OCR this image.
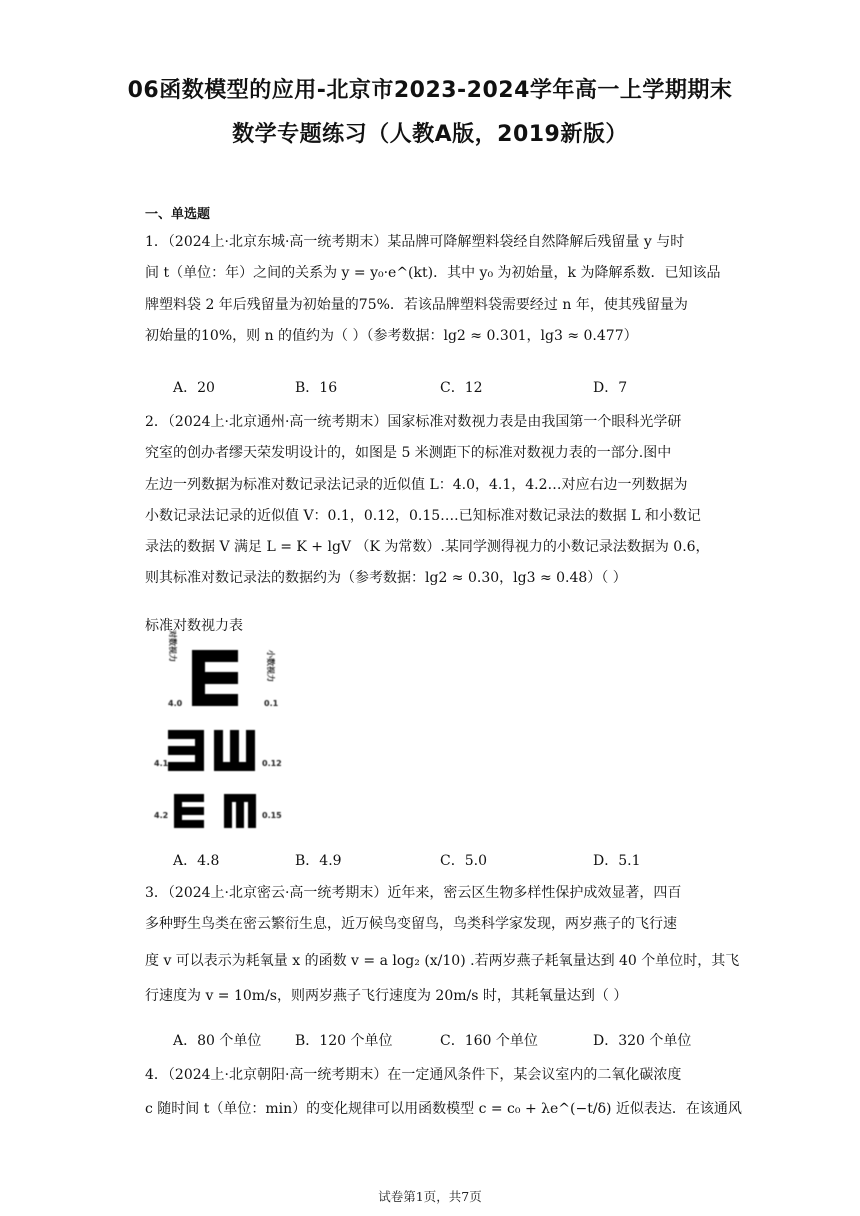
06函数模型的应用-北京市2023-2024学年高一上学期期末
数学专题练习（人教A版，2019新版）
一、单选题
1．（2024上·北京东城·高一统考期末）某品牌可降解塑料袋经自然降解后残留量 y 与时
间 t（单位：年）之间的关系为 y = y₀·e^(kt)．其中 y₀ 为初始量，k 为降解系数．已知该品
牌塑料袋 2 年后残留量为初始量的75%．若该品牌塑料袋需要经过 n 年，使其残留量为
初始量的10%，则 n 的值约为（ ）（参考数据：lg2 ≈ 0.301，lg3 ≈ 0.477）
A．20	B．16	C．12	D．7
2．（2024上·北京通州·高一统考期末）国家标准对数视力表是由我国第一个眼科光学研
究室的创办者缪天荣发明设计的，如图是 5 米测距下的标准对数视力表的一部分.图中
左边一列数据为标准对数记录法记录的近似值 L：4.0，4.1，4.2…对应右边一列数据为
小数记录法记录的近似值 V：0.1，0.12，0.15….已知标准对数记录法的数据 L 和小数记
录法的数据 V 满足 L = K + lgV （K 为常数）.某同学测得视力的小数记录法数据为 0.6，
则其标准对数记录法的数据约为（参考数据：lg2 ≈ 0.30，lg3 ≈ 0.48）（ ）
标准对数视力表
对数视力
小数视力
4.0	0.1
4.1	0.12
4.2	0.15
A．4.8	B．4.9	C．5.0	D．5.1
3．（2024上·北京密云·高一统考期末）近年来，密云区生物多样性保护成效显著，四百
多种野生鸟类在密云繁衍生息，近万候鸟变留鸟，鸟类科学家发现，两岁燕子的飞行速
度 v 可以表示为耗氧量 x 的函数 v = a log₂ (x/10) .若两岁燕子耗氧量达到 40 个单位时，其飞
行速度为 v = 10m/s，则两岁燕子飞行速度为 20m/s 时，其耗氧量达到（ ）
A．80 个单位 B．120 个单位	C．160 个单位	D．320 个单位
4．（2024上·北京朝阳·高一统考期末）在一定通风条件下，某会议室内的二氧化碳浓度
c 随时间 t（单位：min）的变化规律可以用函数模型 c = c₀ + λe^(−t/δ) 近似表达．在该通风
试卷第1页，共7页
